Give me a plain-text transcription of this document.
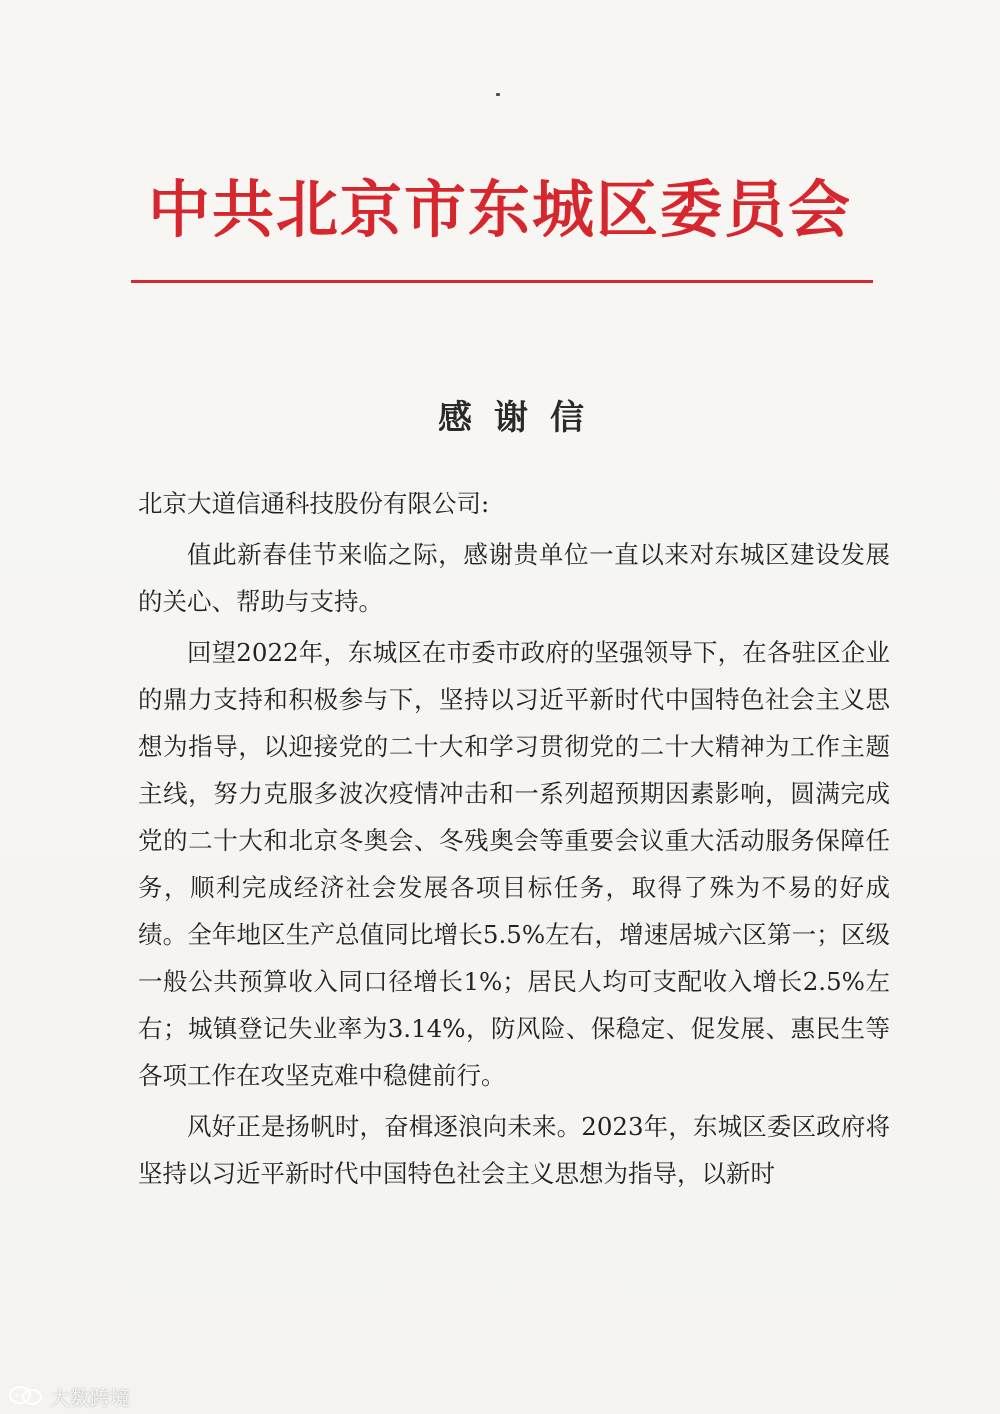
中共北京市东城区委员会
感谢信

北京大道信通科技股份有限公司:

值此新春佳节来临之际，感谢贵单位一直以来对东城区建设发展的关心、帮助与支持。

回望2022年，东城区在市委市政府的坚强领导下，在各驻区企业的鼎力支持和积极参与下，坚持以习近平新时代中国特色社会主义思想为指导，以迎接党的二十大和学习贯彻党的二十大精神为工作主题主线，努力克服多波次疫情冲击和一系列超预期因素影响，圆满完成党的二十大和北京冬奥会、冬残奥会等重要会议重大活动服务保障任务，顺利完成经济社会发展各项目标任务，取得了殊为不易的好成绩。全年地区生产总值同比增长5.5%左右，增速居城六区第一；区级一般公共预算收入同口径增长1%；居民人均可支配收入增长2.5%左右；城镇登记失业率为3.14%，防风险、保稳定、促发展、惠民生等各项工作在攻坚克难中稳健前行。

风好正是扬帆时，奋楫逐浪向未来。2023年，东城区委区政府将坚持以习近平新时代中国特色社会主义思想为指导，以新时

大数跨境
